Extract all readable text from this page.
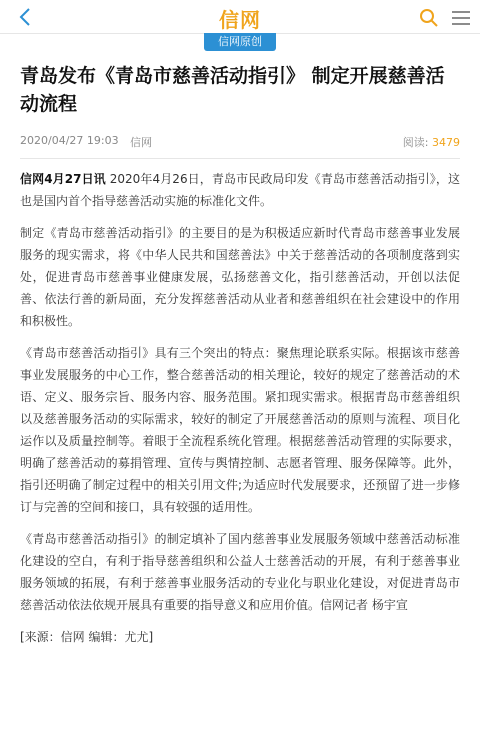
信网
信网原创
青岛发布《青岛市慈善活动指引》 制定开展慈善活动流程
2020/04/27 19:03 信网	阅读: 3479

信网4月27日讯 2020年4月26日，青岛市民政局印发《青岛市慈善活动指引》，这也是国内首个指导慈善活动实施的标准化文件。

制定《青岛市慈善活动指引》的主要目的是为积极适应新时代青岛市慈善事业发展服务的现实需求，将《中华人民共和国慈善法》中关于慈善活动的各项制度落到实处，促进青岛市慈善事业健康发展，弘扬慈善文化，指引慈善活动，开创以法促善、依法行善的新局面，充分发挥慈善活动从业者和慈善组织在社会建设中的作用和积极性。

《青岛市慈善活动指引》具有三个突出的特点：聚焦理论联系实际。根据该市慈善事业发展服务的中心工作，整合慈善活动的相关理论，较好的规定了慈善活动的术语、定义、服务宗旨、服务内容、服务范围。紧扣现实需求。根据青岛市慈善组织以及慈善服务活动的实际需求，较好的制定了开展慈善活动的原则与流程、项目化运作以及质量控制等。着眼于全流程系统化管理。根据慈善活动管理的实际要求，明确了慈善活动的募捐管理、宣传与舆情控制、志愿者管理、服务保障等。此外，指引还明确了制定过程中的相关引用文件;为适应时代发展要求，还预留了进一步修订与完善的空间和接口，具有较强的适用性。

《青岛市慈善活动指引》的制定填补了国内慈善事业发展服务领域中慈善活动标准化建设的空白，有利于指导慈善组织和公益人士慈善活动的开展，有利于慈善事业服务领域的拓展，有利于慈善事业服务活动的专业化与职业化建设，对促进青岛市慈善活动依法依规开展具有重要的指导意义和应用价值。信网记者 杨宇宣

[来源：信网 编辑：尤尤]
